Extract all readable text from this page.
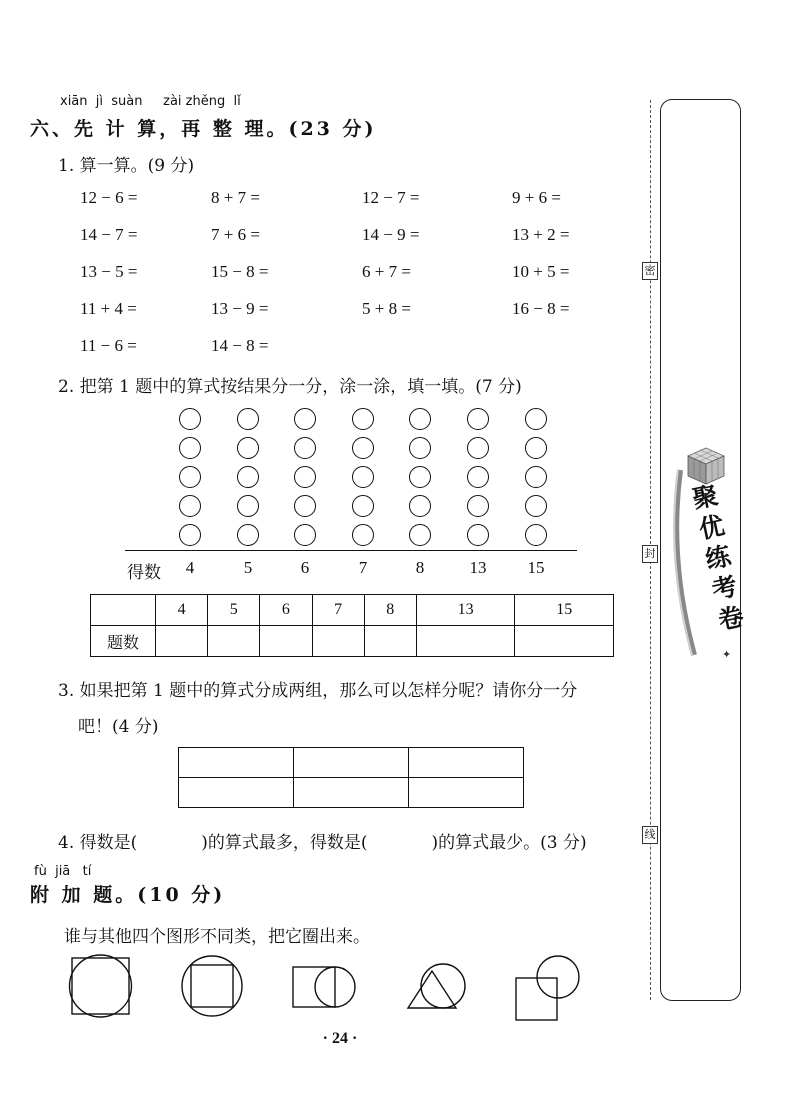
xiān  jì  suàn     zài zhěng  lǐ
六、先 计 算，再 整 理。(23 分)
1. 算一算。(9 分)
12 − 6 =	8 + 7 =	12 − 7 =	9 + 6 =
14 − 7 =	7 + 6 =	14 − 9 =	13 + 2 =
13 − 5 =	15 − 8 =	6 + 7 =	10 + 5 =
11 + 4 =	13 − 9 =	5 + 8 =	16 − 8 =
11 − 6 =	14 − 8 =
2. 把第 1 题中的算式按结果分一分，涂一涂，填一填。(7 分)
得数	4	5	6	7	8	13	15
	4	5	6	7	8	13	15
题数							
3. 如果把第 1 题中的算式分成两组，那么可以怎样分呢？请你分一分
吧！(4 分)

4. 得数是(	)的算式最多，得数是(	)的算式最少。(3 分)
fù  jiā   tí
附 加 题。(10 分)
谁与其他四个图形不同类，把它圈出来。
· 24 ·
密
封
线
✦
聚
优
练
考
卷
